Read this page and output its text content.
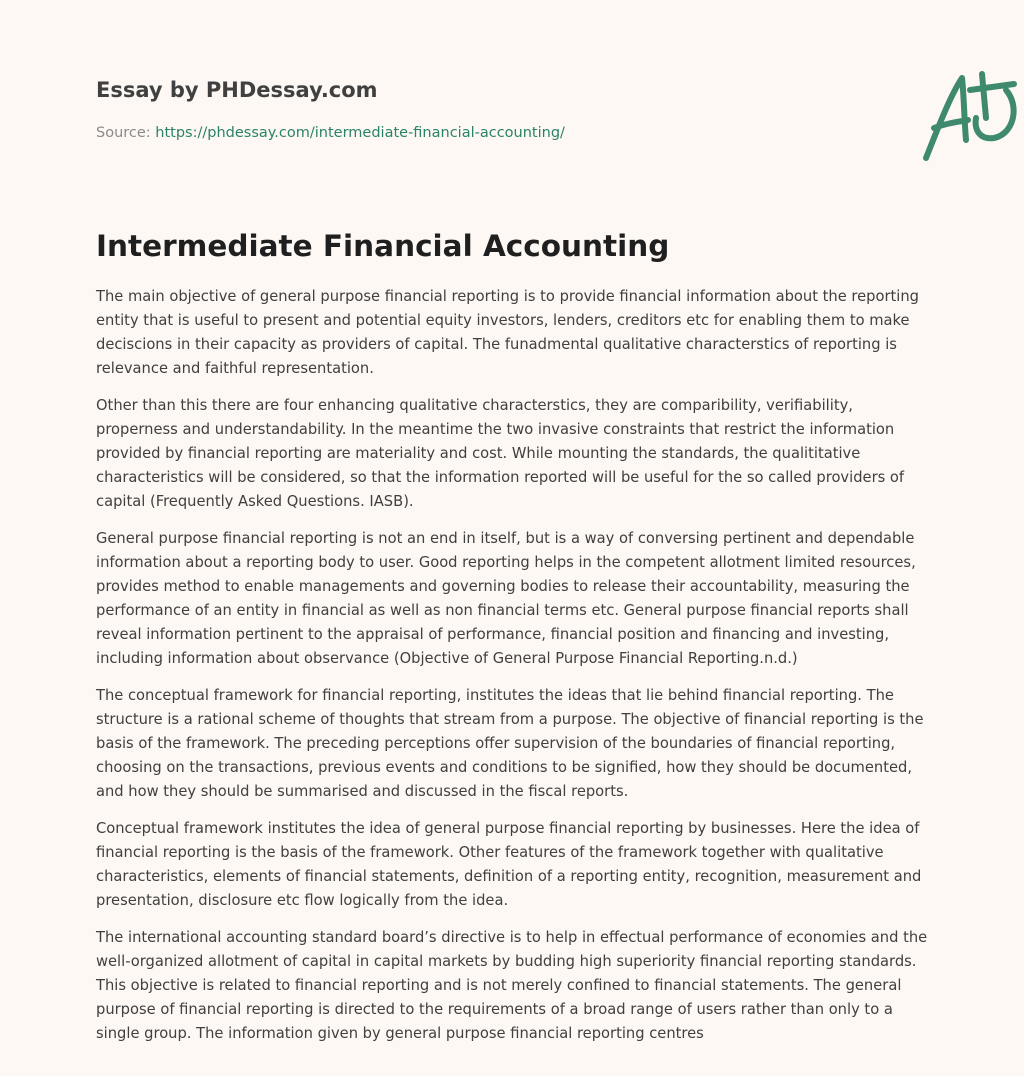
Essay by PHDessay.com
Source: https://phdessay.com/intermediate-financial-accounting/
Intermediate Financial Accounting

The main objective of general purpose financial reporting is to provide financial information about the reporting entity that is useful to present and potential equity investors, lenders, creditors etc for enabling them to make deciscions in their capacity as providers of capital. The funadmental qualitative characterstics of reporting is relevance and faithful representation.

Other than this there are four enhancing qualitative characterstics, they are comparibility, verifiability, properness and understandability. In the meantime the two invasive constraints that restrict the information provided by financial reporting are materiality and cost. While mounting the standards, the qualititative characteristics will be considered, so that the information reported will be useful for the so called providers of capital (Frequently Asked Questions. IASB).

General purpose financial reporting is not an end in itself, but is a way of conversing pertinent and dependable information about a reporting body to user. Good reporting helps in the competent allotment limited resources, provides method to enable managements and governing bodies to release their accountability, measuring the performance of an entity in financial as well as non financial terms etc. General purpose financial reports shall reveal information pertinent to the appraisal of performance, financial position and financing and investing, including information about observance (Objective of General Purpose Financial Reporting.n.d.)

The conceptual framework for financial reporting, institutes the ideas that lie behind financial reporting. The structure is a rational scheme of thoughts that stream from a purpose. The objective of financial reporting is the basis of the framework. The preceding perceptions offer supervision of the boundaries of financial reporting, choosing on the transactions, previous events and conditions to be signified, how they should be documented, and how they should be summarised and discussed in the fiscal reports.

Conceptual framework institutes the idea of general purpose financial reporting by businesses. Here the idea of financial reporting is the basis of the framework. Other features of the framework together with qualitative characteristics, elements of financial statements, definition of a reporting entity, recognition, measurement and presentation, disclosure etc flow logically from the idea.

The international accounting standard board’s directive is to help in effectual performance of economies and the well-organized allotment of capital in capital markets by budding high superiority financial reporting standards. This objective is related to financial reporting and is not merely confined to financial statements. The general purpose of financial reporting is directed to the requirements of a broad range of users rather than only to a single group. The information given by general purpose financial reporting centres
